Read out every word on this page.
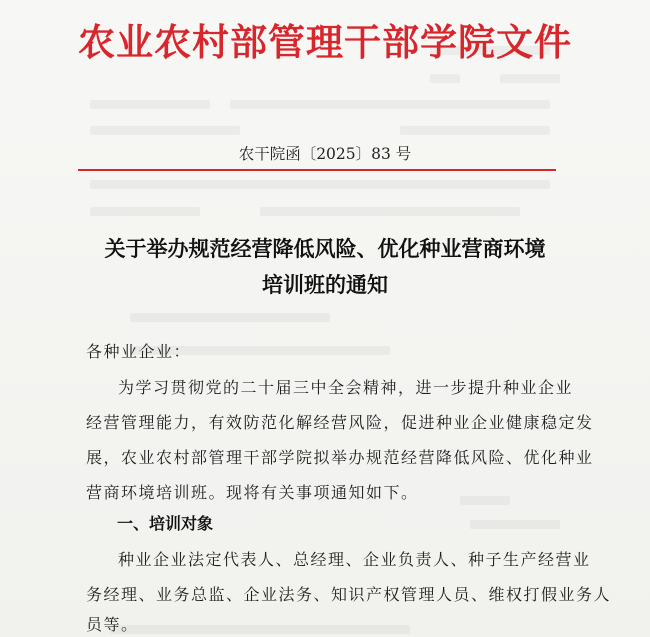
农业农村部管理干部学院文件
农干院函〔2025〕83 号
关于举办规范经营降低风险、优化种业营商环境
培训班的通知
各种业企业：
为学习贯彻党的二十届三中全会精神，进一步提升种业企业
经营管理能力，有效防范化解经营风险，促进种业企业健康稳定发
展，农业农村部管理干部学院拟举办规范经营降低风险、优化种业
营商环境培训班。现将有关事项通知如下。
一、培训对象
种业企业法定代表人、总经理、企业负责人、种子生产经营业
务经理、业务总监、企业法务、知识产权管理人员、维权打假业务人
员等。
